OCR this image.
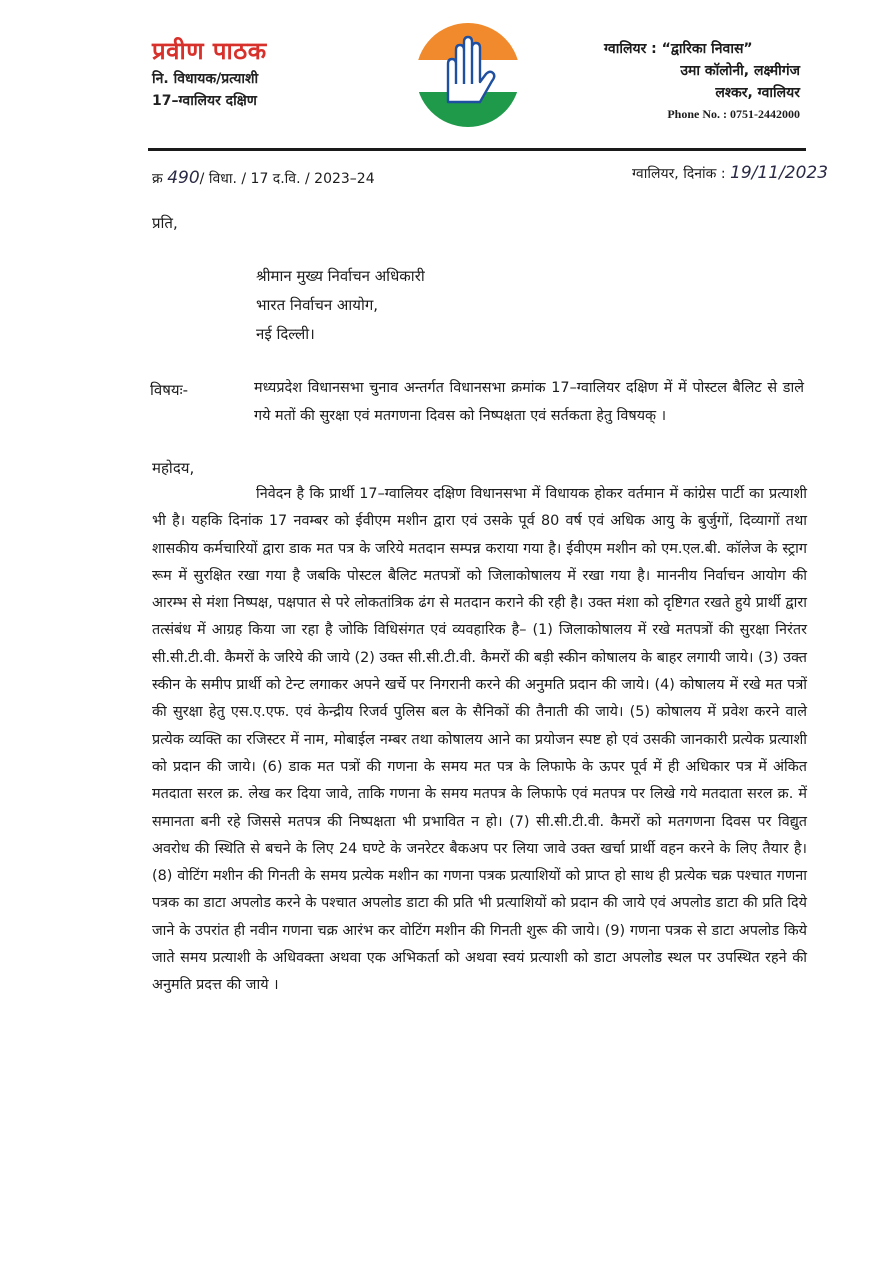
प्रवीण पाठक
नि. विधायक/प्रत्याशी
17–ग्वालियर दक्षिण
ग्वालियर : “द्वारिका निवास”
उमा कॉलोनी, लक्ष्मीगंज
लश्कर, ग्वालियर
Phone No. : 0751-2442000
क्र 490/ विधा. / 17 द.वि. / 2023–24	ग्वालियर, दिनांक : 19/11/2023
प्रति,
श्रीमान मुख्य निर्वाचन अधिकारी
भारत निर्वाचन आयोग,
नई दिल्ली।
विषयः-	मध्यप्रदेश विधानसभा चुनाव अन्तर्गत विधानसभा क्रमांक 17–ग्वालियर दक्षिण में में पोस्टल बैलिट से डाले गये मतों की सुरक्षा एवं मतगणना दिवस को निष्पक्षता एवं सर्तकता हेतु विषयक् ।
महोदय,
निवेदन है कि प्रार्थी 17–ग्वालियर दक्षिण विधानसभा में विधायक होकर वर्तमान में कांग्रेस पार्टी का प्रत्याशी भी है। यहकि दिनांक 17 नवम्बर को ईवीएम मशीन द्वारा एवं उसके पूर्व 80 वर्ष एवं अधिक आयु के बुर्जुगों, दिव्यागों तथा शासकीय कर्मचारियों द्वारा डाक मत पत्र के जरिये मतदान सम्पन्न कराया गया है। ईवीएम मशीन को एम.एल.बी. कॉलेज के स्ट्राग रूम में सुरक्षित रखा गया है जबकि पोस्टल बैलिट मतपत्रों को जिलाकोषालय में रखा गया है। माननीय निर्वाचन आयोग की आरम्भ से मंशा निष्पक्ष, पक्षपात से परे लोकतांत्रिक ढंग से मतदान कराने की रही है। उक्त मंशा को दृष्टिगत रखते हुये प्रार्थी द्वारा तत्संबंध में आग्रह किया जा रहा है जोकि विधिसंगत एवं व्यवहारिक है– (1) जिलाकोषालय में रखे मतपत्रों की सुरक्षा निरंतर सी.सी.टी.वी. कैमरों के जरिये की जाये (2) उक्त सी.सी.टी.वी. कैमरों की बड़ी स्कीन कोषालय के बाहर लगायी जाये। (3) उक्त स्कीन के समीप प्रार्थी को टेन्ट लगाकर अपने खर्चे पर निगरानी करने की अनुमति प्रदान की जाये। (4) कोषालय में रखे मत पत्रों की सुरक्षा हेतु एस.ए.एफ. एवं केन्द्रीय रिजर्व पुलिस बल के सैनिकों की तैनाती की जाये। (5) कोषालय में प्रवेश करने वाले प्रत्येक व्यक्ति का रजिस्टर में नाम, मोबाईल नम्बर तथा कोषालय आने का प्रयोजन स्पष्ट हो एवं उसकी जानकारी प्रत्येक प्रत्याशी को प्रदान की जाये। (6) डाक मत पत्रों की गणना के समय मत पत्र के लिफाफे के ऊपर पूर्व में ही अधिकार पत्र में अंकित मतदाता सरल क्र. लेख कर दिया जावे, ताकि गणना के समय मतपत्र के लिफाफे एवं मतपत्र पर लिखे गये मतदाता सरल क्र. में समानता बनी रहे जिससे मतपत्र की निष्पक्षता भी प्रभावित न हो। (7) सी.सी.टी.वी. कैमरों को मतगणना दिवस पर विद्युत अवरोध की स्थिति से बचने के लिए 24 घण्टे के जनरेटर बैकअप पर लिया जावे उक्त खर्चा प्रार्थी वहन करने के लिए तैयार है। (8) वोटिंग मशीन की गिनती के समय प्रत्येक मशीन का गणना पत्रक प्रत्याशियों को प्राप्त हो साथ ही प्रत्येक चक्र पश्चात गणना पत्रक का डाटा अपलोड करने के पश्चात अपलोड डाटा की प्रति भी प्रत्याशियों को प्रदान की जाये एवं अपलोड डाटा की प्रति दिये जाने के उपरांत ही नवीन गणना चक्र आरंभ कर वोटिंग मशीन की गिनती शुरू की जाये। (9) गणना पत्रक से डाटा अपलोड किये जाते समय प्रत्याशी के अधिवक्ता अथवा एक अभिकर्ता को अथवा स्वयं प्रत्याशी को डाटा अपलोड स्थल पर उपस्थित रहने की अनुमति प्रदत्त की जाये ।
